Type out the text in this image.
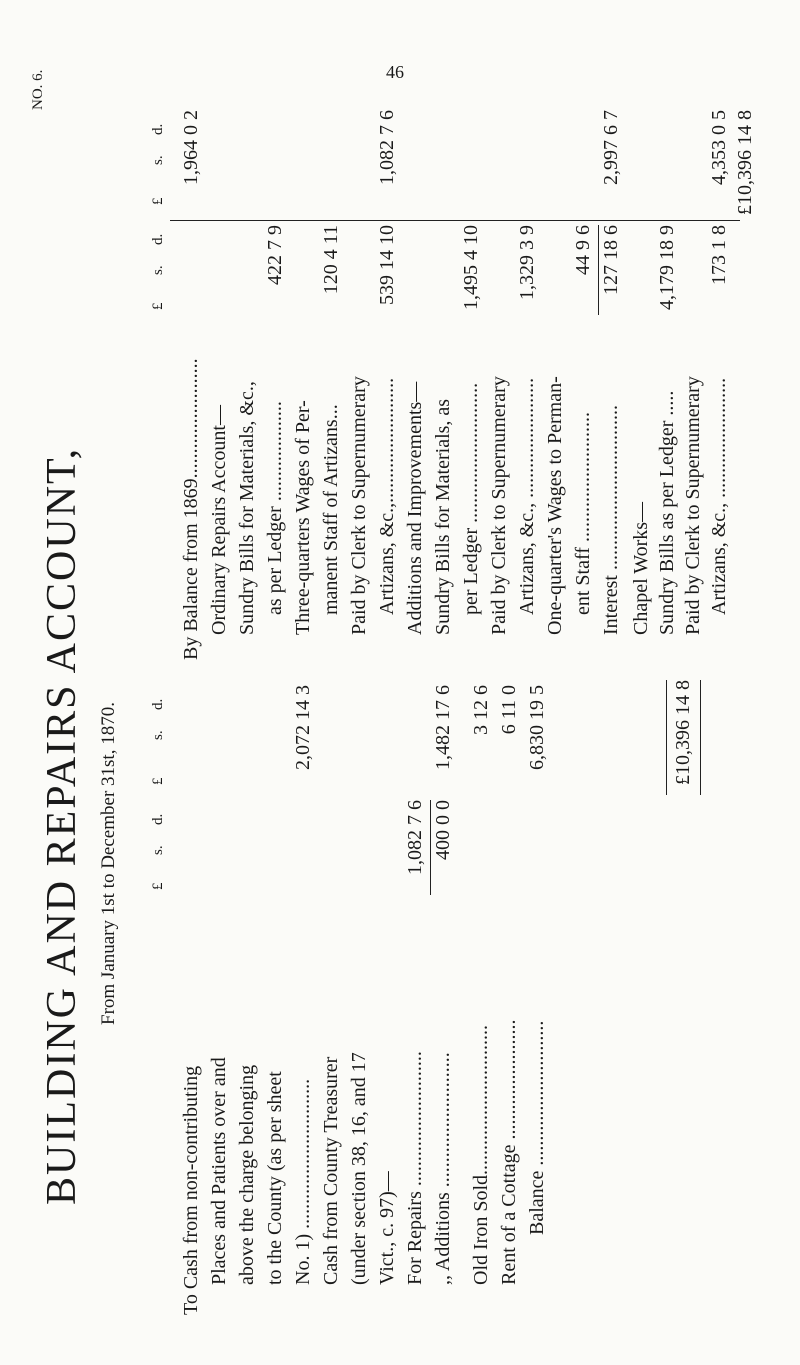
46
NO. 6.
BUILDING AND REPAIRS ACCOUNT, From January 1st to December 31st, 1870. £
s.
d.
£
s.
d.
To Cash from non-contributing Places and Patients over and above the charge belonging to the County (as per sheet No. 1) ..............................
2,072 14 3
Cash from County Treasurer (under section 38, 16, and 17 Vict., c. 97)— For Repairs ...........................
1,082 7 6
,, Additions ...........................
400 0 0
1,482 17 6
Old Iron Sold..............................
3 12 6
Rent of a Cottage ........................
6 11 0
Balance .............................
6,830 19 5	£10,396 14 8
£
s.
d.
£
s.
d.
By Balance from 1869........................
1,964 0 2
Ordinary Repairs Account— Sundry Bills for Materials, &c., as per Ledger ....................
422 7 9
Three-quarters Wages of Per- manent Staff of Artizans...
120 4 11
Paid by Clerk to Supernumerary Artizans, &c.,.........................
539 14 10
1,082 7 6
Additions and Improvements— Sundry Bills for Materials, as per Ledger ............................
1,495 4 10
Paid by Clerk to Supernumerary Artizans, &c., ........................
1,329 3 9
One-quarter's Wages to Perman- ent Staff ..........................
44 9 6
Interest .................................
127 18 6
2,997 6 7
Chapel Works— Sundry Bills as per Ledger .....
4,179 18 9
Paid by Clerk to Supernumerary Artizans, &c., ........................
173 1 8
4,353 0 5 £10,396 14 8
